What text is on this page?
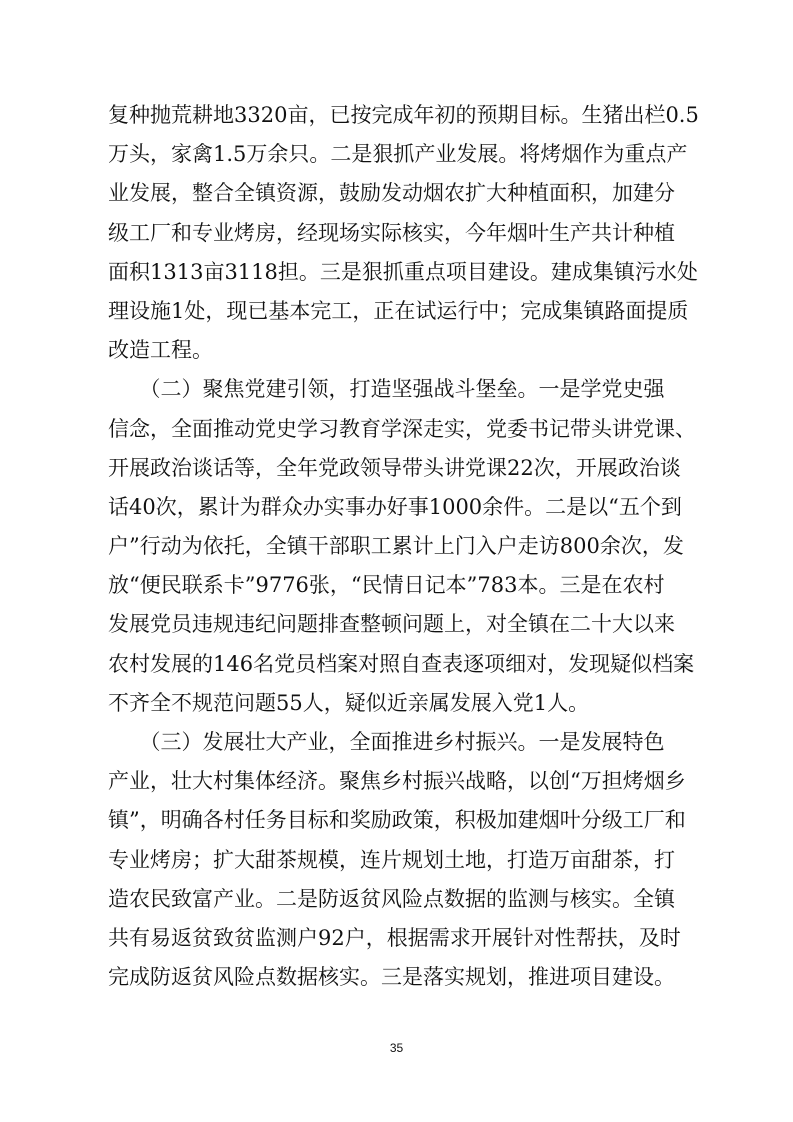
复种抛荒耕地3320亩，已按完成年初的预期目标。生猪出栏0.5
万头，家禽1.5万余只。二是狠抓产业发展。将烤烟作为重点产
业发展，整合全镇资源，鼓励发动烟农扩大种植面积，加建分
级工厂和专业烤房，经现场实际核实，今年烟叶生产共计种植
面积1313亩3118担。三是狠抓重点项目建设。建成集镇污水处
理设施1处，现已基本完工，正在试运行中；完成集镇路面提质
改造工程。
　　（二）聚焦党建引领，打造坚强战斗堡垒。一是学党史强
信念，全面推动党史学习教育学深走实，党委书记带头讲党课、
开展政治谈话等，全年党政领导带头讲党课22次，开展政治谈
话40次，累计为群众办实事办好事1000余件。二是以“五个到
户”行动为依托，全镇干部职工累计上门入户走访800余次，发
放“便民联系卡”9776张，“民情日记本”783本。三是在农村
发展党员违规违纪问题排查整顿问题上，对全镇在二十大以来
农村发展的146名党员档案对照自查表逐项细对，发现疑似档案
不齐全不规范问题55人，疑似近亲属发展入党1人。
　　（三）发展壮大产业，全面推进乡村振兴。一是发展特色
产业，壮大村集体经济。聚焦乡村振兴战略，以创“万担烤烟乡
镇”，明确各村任务目标和奖励政策，积极加建烟叶分级工厂和
专业烤房；扩大甜茶规模，连片规划土地，打造万亩甜茶，打
造农民致富产业。二是防返贫风险点数据的监测与核实。全镇
共有易返贫致贫监测户92户，根据需求开展针对性帮扶，及时
完成防返贫风险点数据核实。三是落实规划，推进项目建设。
35
